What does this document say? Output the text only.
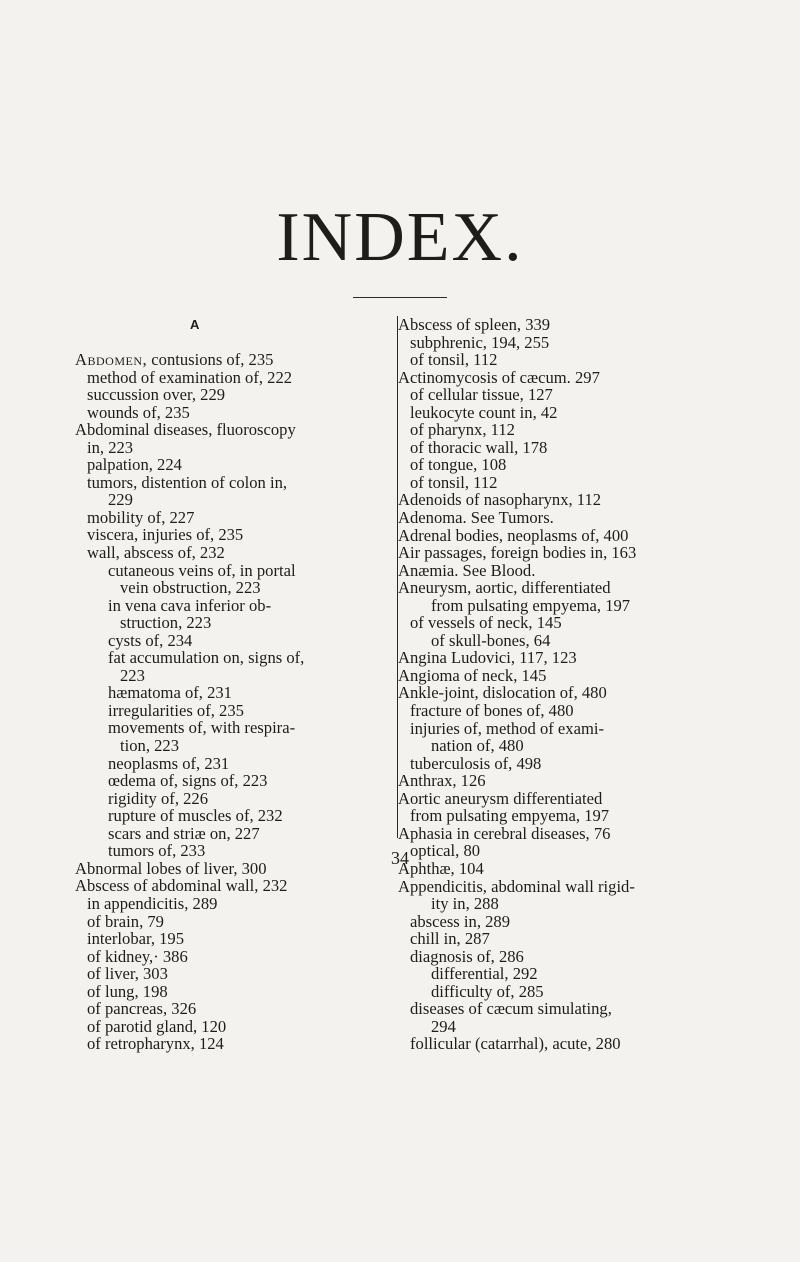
INDEX.
A
Abdomen, contusions of, 235
method of examination of, 222
succussion over, 229
wounds of, 235
Abdominal diseases, fluoroscopy
in, 223
palpation, 224
tumors, distention of colon in,
229
mobility of, 227
viscera, injuries of, 235
wall, abscess of, 232
cutaneous veins of, in portal
vein obstruction, 223
in vena cava inferior ob-
struction, 223
cysts of, 234
fat accumulation on, signs of,
223
hæmatoma of, 231
irregularities of, 235
movements of, with respira-
tion, 223
neoplasms of, 231
œdema of, signs of, 223
rigidity of, 226
rupture of muscles of, 232
scars and striæ on, 227
tumors of, 233
Abnormal lobes of liver, 300
Abscess of abdominal wall, 232
in appendicitis, 289
of brain, 79
interlobar, 195
of kidney,· 386
of liver, 303
of lung, 198
of pancreas, 326
of parotid gland, 120
of retropharynx, 124
Abscess of spleen, 339
subphrenic, 194, 255
of tonsil, 112
Actinomycosis of cæcum. 297
of cellular tissue, 127
leukocyte count in, 42
of pharynx, 112
of thoracic wall, 178
of tongue, 108
of tonsil, 112
Adenoids of nasopharynx, 112
Adenoma. See Tumors.
Adrenal bodies, neoplasms of, 400
Air passages, foreign bodies in, 163
Anæmia. See Blood.
Aneurysm, aortic, differentiated
from pulsating empyema, 197
of vessels of neck, 145
of skull-bones, 64
Angina Ludovici, 117, 123
Angioma of neck, 145
Ankle-joint, dislocation of, 480
fracture of bones of, 480
injuries of, method of exami-
nation of, 480
tuberculosis of, 498
Anthrax, 126
Aortic aneurysm differentiated
from pulsating empyema, 197
Aphasia in cerebral diseases, 76
optical, 80
Aphthæ, 104
Appendicitis, abdominal wall rigid-
ity in, 288
abscess in, 289
chill in, 287
diagnosis of, 286
differential, 292
difficulty of, 285
diseases of cæcum simulating,
294
follicular (catarrhal), acute, 280
34
